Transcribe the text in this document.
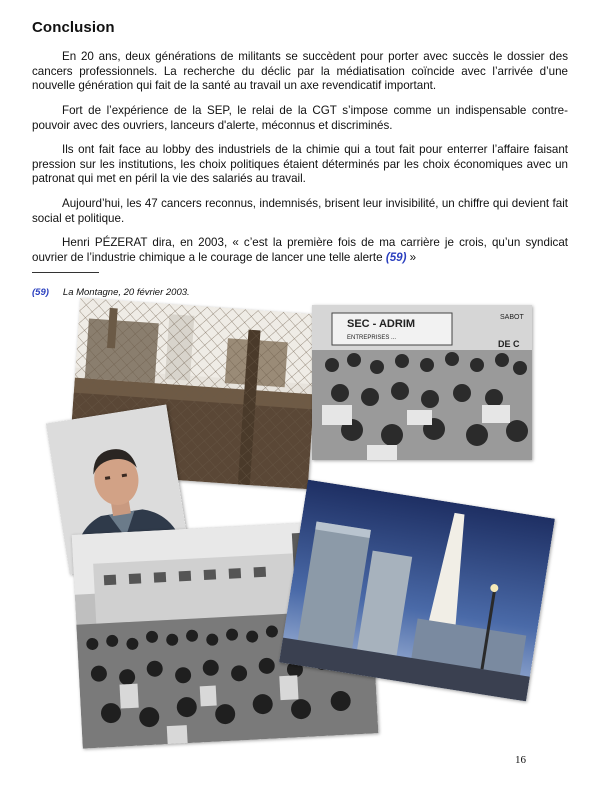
Conclusion

En 20 ans, deux générations de militants se succèdent pour porter avec succès le dossier des cancers professionnels. La recherche du déclic par la médiatisation coïncide avec l’arrivée d’une nouvelle génération qui fait de la santé au travail un axe revendicatif important.

Fort de l’expérience de la SEP, le relai de la CGT s’impose comme un indispensable contre-pouvoir avec des ouvriers, lanceurs d'alerte, méconnus et discriminés.

Ils ont fait face au lobby des industriels de la chimie qui a tout fait pour enterrer l’affaire faisant pression sur les institutions, les choix politiques étaient déterminés par les choix économiques avec un patronat qui met en péril la vie des salariés au travail.

Aujourd’hui, les 47 cancers reconnus, indemnisés, brisent leur invisibilité, un chiffre qui devient fait social et politique.

Henri PÉZERAT dira, en 2003, « c’est la première fois de ma carrière je crois, qu’un syndicat ouvrier de l’industrie chimique a le courage de lancer une telle alerte (59) »

(59) La Montagne, 20 février 2003.
SEC - ADRIM
ENTREPRISES ...
SABOT
DE C
16
